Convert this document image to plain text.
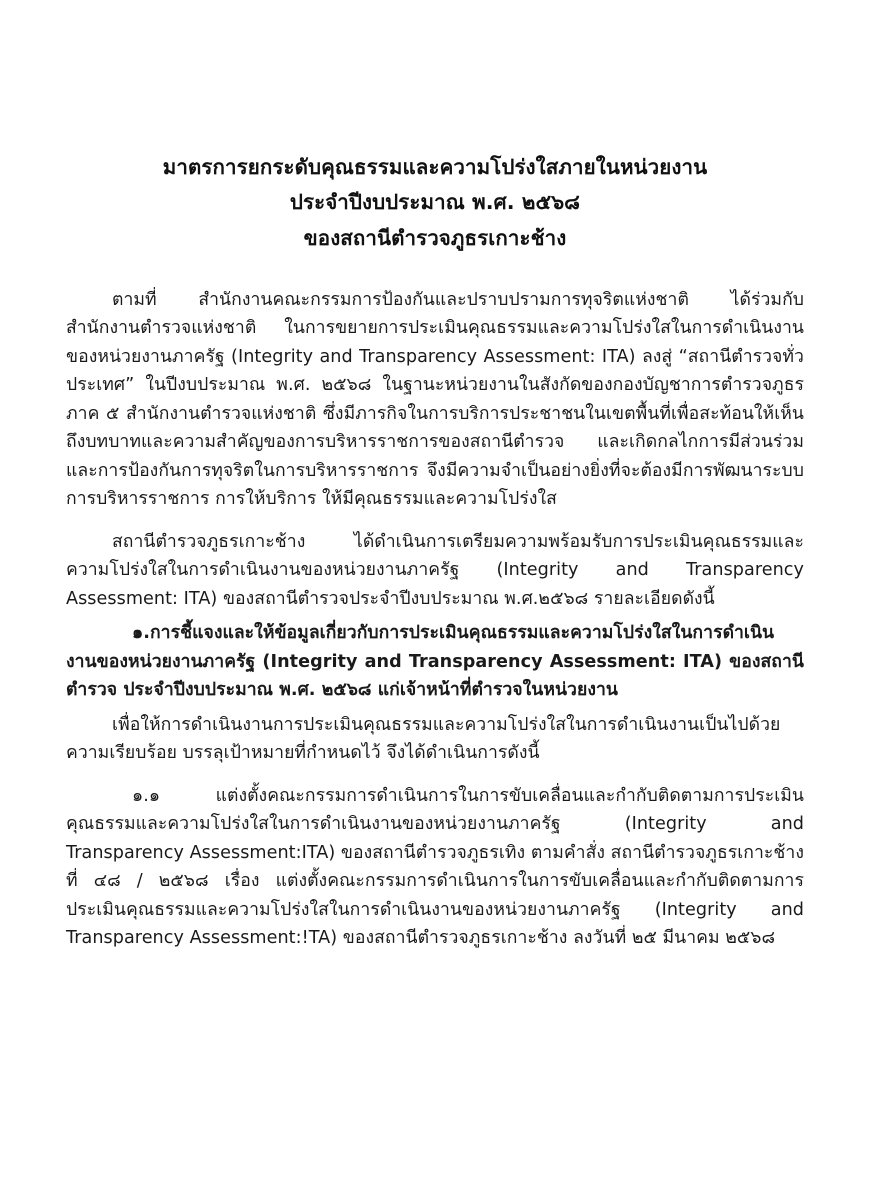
มาตรการยกระดับคุณธรรมและความโปร่งใสภายในหน่วยงาน
ประจำปีงบประมาณ พ.ศ. ๒๕๖๘
ของสถานีตำรวจภูธรเกาะช้าง

ตามที่ สำนักงานคณะกรรมการป้องกันและปราบปรามการทุจริตแห่งชาติ ได้ร่วมกับสำนักงานตำรวจแห่งชาติ ในการขยายการประเมินคุณธรรมและความโปร่งใสในการดำเนินงานของหน่วยงานภาครัฐ (Integrity and Transparency Assessment: ITA) ลงสู่ “สถานีตำรวจทั่วประเทศ” ในปีงบประมาณ พ.ศ. ๒๕๖๘ ในฐานะหน่วยงานในสังกัดของกองบัญชาการตำรวจภูธร ภาค ๕ สำนักงานตำรวจแห่งชาติ ซึ่งมีภารกิจในการบริการประชาชนในเขตพื้นที่เพื่อสะท้อนให้เห็นถึงบทบาทและความสำคัญของการบริหารราชการของสถานีตำรวจ และเกิดกลไกการมีส่วนร่วมและการป้องกันการทุจริตในการบริหารราชการ จึงมีความจำเป็นอย่างยิ่งที่จะต้องมีการพัฒนาระบบการบริหารราชการ การให้บริการ ให้มีคุณธรรมและความโปร่งใส

สถานีตำรวจภูธรเกาะช้าง ได้ดำเนินการเตรียมความพร้อมรับการประเมินคุณธรรมและความโปร่งใสในการดำเนินงานของหน่วยงานภาครัฐ (Integrity and Transparency Assessment: ITA) ของสถานีตำรวจประจำปีงบประมาณ พ.ศ.๒๕๖๘ รายละเอียดดังนี้

๑.การชี้แจงและให้ข้อมูลเกี่ยวกับการประเมินคุณธรรมและความโปร่งใสในการดำเนินงานของหน่วยงานภาครัฐ (Integrity and Transparency Assessment: ITA) ของสถานีตำรวจ ประจำปีงบประมาณ พ.ศ. ๒๕๖๘ แก่เจ้าหน้าที่ตำรวจในหน่วยงาน

เพื่อให้การดำเนินงานการประเมินคุณธรรมและความโปร่งใสในการดำเนินงานเป็นไปด้วยความเรียบร้อย บรรลุเป้าหมายที่กำหนดไว้ จึงได้ดำเนินการดังนี้

๑.๑ แต่งตั้งคณะกรรมการดำเนินการในการขับเคลื่อนและกำกับติดตามการประเมินคุณธรรมและความโปร่งใสในการดำเนินงานของหน่วยงานภาครัฐ (Integrity and Transparency Assessment:ITA) ของสถานีตำรวจภูธรเทิง ตามคำสั่ง สถานีตำรวจภูธรเกาะช้าง ที่ ๔๘ / ๒๕๖๘ เรื่อง แต่งตั้งคณะกรรมการดำเนินการในการขับเคลื่อนและกำกับติดตามการประเมินคุณธรรมและความโปร่งใสในการดำเนินงานของหน่วยงานภาครัฐ (Integrity and Transparency Assessment:!TA) ของสถานีตำรวจภูธรเกาะช้าง ลงวันที่ ๒๕ มีนาคม ๒๕๖๘
